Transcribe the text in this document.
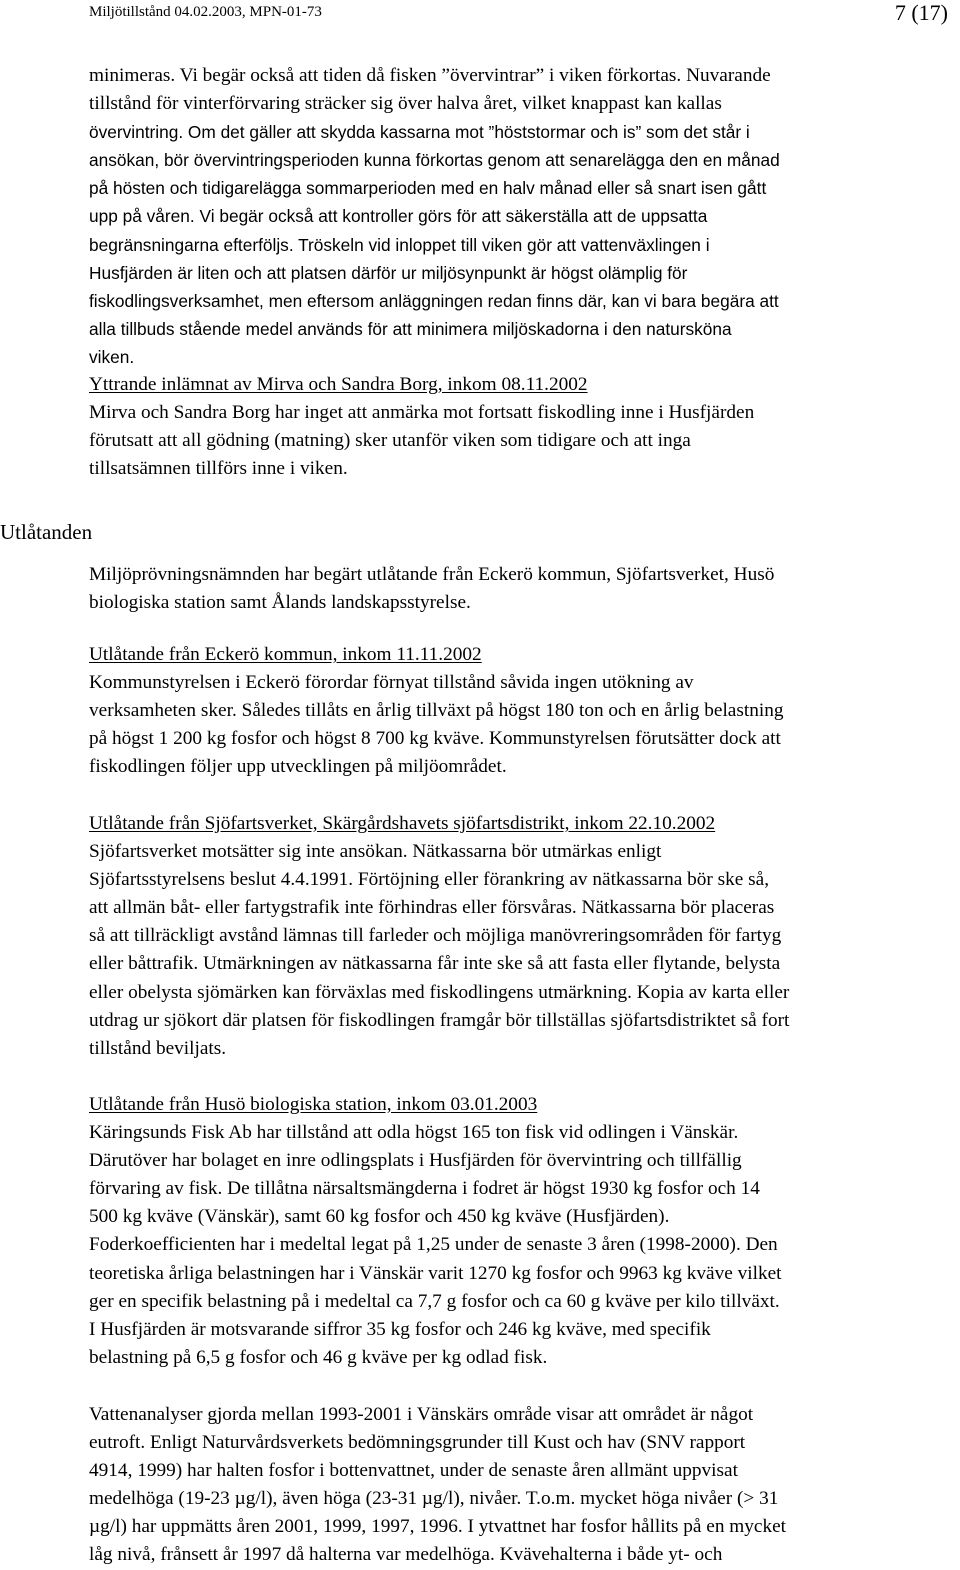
Miljötillstånd 04.02.2003, MPN-01-73	7 (17)
Utlåtanden
minimeras. Vi begär också att tiden då fisken ”övervintrar” i viken förkortas. Nuvarande
tillstånd för vinterförvaring sträcker sig över halva året, vilket knappast kan kallas
övervintring. Om det gäller att skydda kassarna mot ”höststormar och is” som det står i
ansökan, bör övervintringsperioden kunna förkortas genom att senarelägga den en månad
på hösten och tidigarelägga sommarperioden med en halv månad eller så snart isen gått
upp på våren. Vi begär också att kontroller görs för att säkerställa att de uppsatta
begränsningarna efterföljs. Tröskeln vid inloppet till viken gör att vattenväxlingen i
Husfjärden är liten och att platsen därför ur miljösynpunkt är högst olämplig för
fiskodlingsverksamhet, men eftersom anläggningen redan finns där, kan vi bara begära att
alla tillbuds stående medel används för att minimera miljöskadorna i den natursköna
viken.
Yttrande inlämnat av Mirva och Sandra Borg, inkom 08.11.2002
Mirva och Sandra Borg har inget att anmärka mot fortsatt fiskodling inne i Husfjärden
förutsatt att all gödning (matning) sker utanför viken som tidigare och att inga
tillsatsämnen tillförs inne i viken.
Miljöprövningsnämnden har begärt utlåtande från Eckerö kommun, Sjöfartsverket, Husö
biologiska station samt Ålands landskapsstyrelse.
Utlåtande från Eckerö kommun, inkom 11.11.2002
Kommunstyrelsen i Eckerö förordar förnyat tillstånd såvida ingen utökning av
verksamheten sker. Således tillåts en årlig tillväxt på högst 180 ton och en årlig belastning
på högst 1 200 kg fosfor och högst 8 700 kg kväve. Kommunstyrelsen förutsätter dock att
fiskodlingen följer upp utvecklingen på miljöområdet.
Utlåtande från Sjöfartsverket, Skärgårdshavets sjöfartsdistrikt, inkom 22.10.2002
Sjöfartsverket motsätter sig inte ansökan. Nätkassarna bör utmärkas enligt
Sjöfartsstyrelsens beslut 4.4.1991. Förtöjning eller förankring av nätkassarna bör ske så,
att allmän båt- eller fartygstrafik inte förhindras eller försvåras. Nätkassarna bör placeras
så att tillräckligt avstånd lämnas till farleder och möjliga manövreringsområden för fartyg
eller båttrafik. Utmärkningen av nätkassarna får inte ske så att fasta eller flytande, belysta
eller obelysta sjömärken kan förväxlas med fiskodlingens utmärkning. Kopia av karta eller
utdrag ur sjökort där platsen för fiskodlingen framgår bör tillställas sjöfartsdistriktet så fort
tillstånd beviljats.
Utlåtande från Husö biologiska station, inkom 03.01.2003
Käringsunds Fisk Ab har tillstånd att odla högst 165 ton fisk vid odlingen i Vänskär.
Därutöver har bolaget en inre odlingsplats i Husfjärden för övervintring och tillfällig
förvaring av fisk. De tillåtna närsaltsmängderna i fodret är högst 1930 kg fosfor och 14
500 kg kväve (Vänskär), samt 60 kg fosfor och 450 kg kväve (Husfjärden).
Foderkoefficienten har i medeltal legat på 1,25 under de senaste 3 åren (1998-2000). Den
teoretiska årliga belastningen har i Vänskär varit 1270 kg fosfor och 9963 kg kväve vilket
ger en specifik belastning på i medeltal ca 7,7 g fosfor och ca 60 g kväve per kilo tillväxt.
I Husfjärden är motsvarande siffror 35 kg fosfor och 246 kg kväve, med specifik
belastning på 6,5 g fosfor och 46 g kväve per kg odlad fisk.
Vattenanalyser gjorda mellan 1993-2001 i Vänskärs område visar att området är något
eutroft. Enligt Naturvårdsverkets bedömningsgrunder till Kust och hav (SNV rapport
4914, 1999) har halten fosfor i bottenvattnet, under de senaste åren allmänt uppvisat
medelhöga (19-23 µg/l), även höga (23-31 µg/l), nivåer. T.o.m. mycket höga nivåer (> 31
µg/l) har uppmätts åren 2001, 1999, 1997, 1996. I ytvattnet har fosfor hållits på en mycket
låg nivå, frånsett år 1997 då halterna var medelhöga. Kvävehalterna i både yt- och
